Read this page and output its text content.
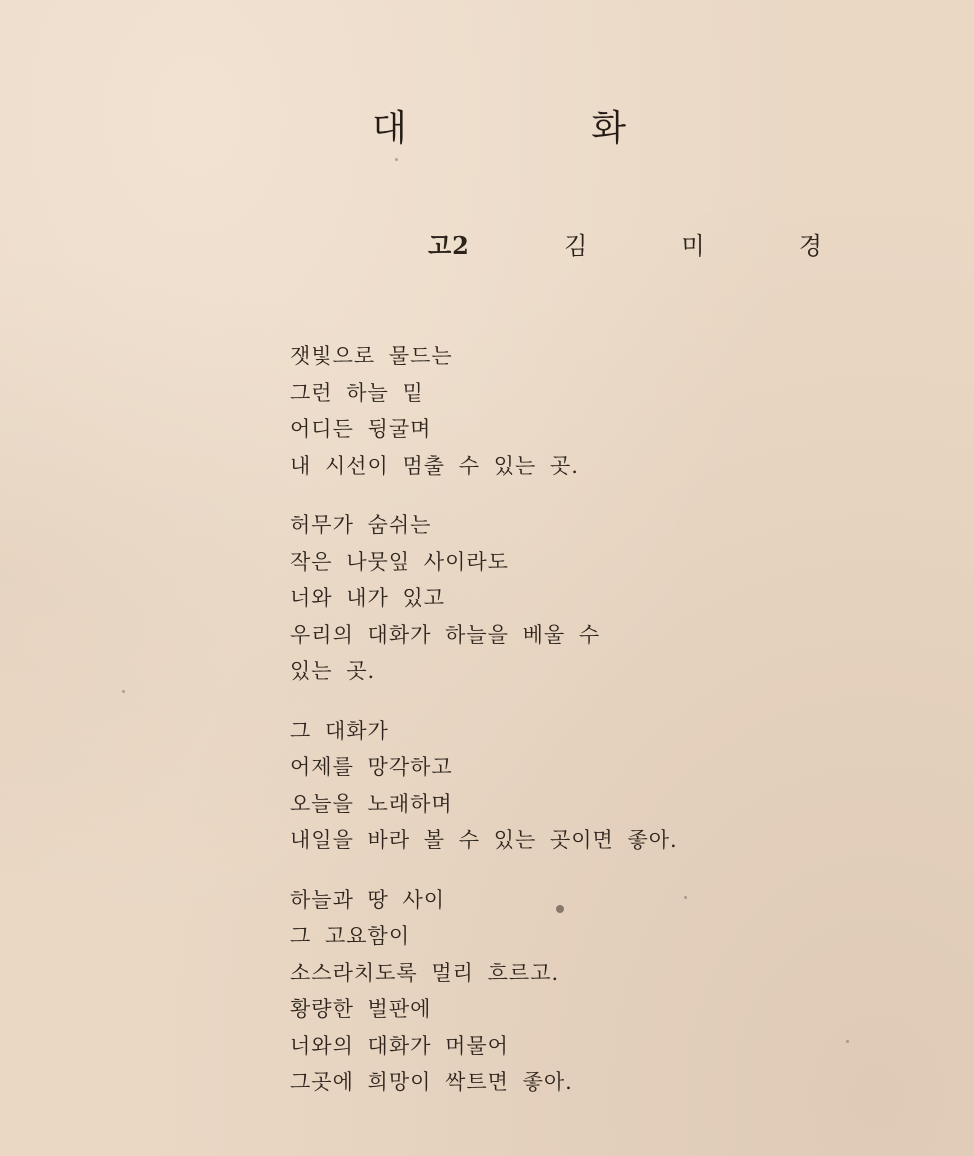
대	화
고2	김	미	경
잿빛으로 물드는
그런 하늘 밑
어디든 뒹굴며
내 시선이 멈출 수 있는 곳.
허무가 숨쉬는
작은 나뭇잎 사이라도
너와 내가 있고
우리의 대화가 하늘을 베울 수
있는 곳.
그 대화가
어제를 망각하고
오늘을 노래하며
내일을 바라 볼 수 있는 곳이면 좋아.
하늘과 땅 사이
그 고요함이
소스라치도록 멀리 흐르고.
황량한 벌판에
너와의 대화가 머물어
그곳에 희망이 싹트면 좋아.
